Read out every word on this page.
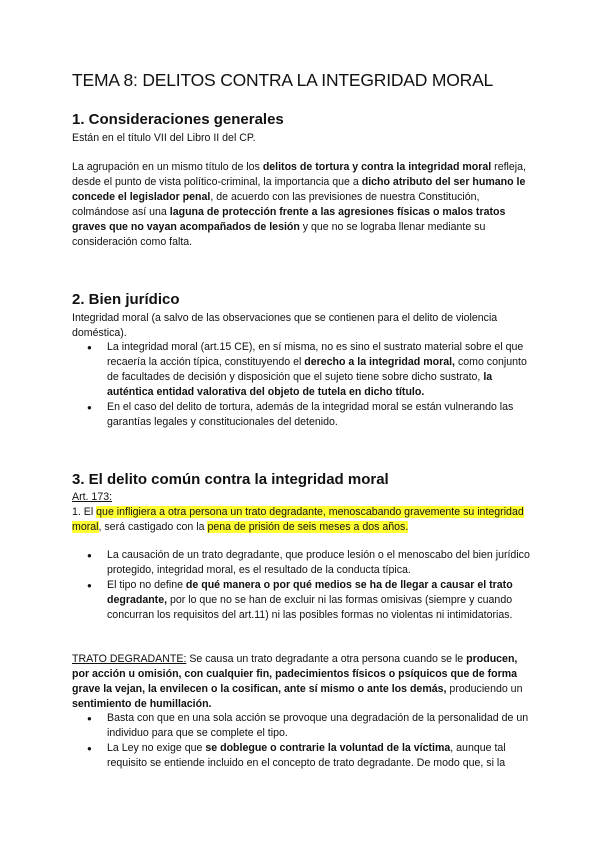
TEMA 8: DELITOS CONTRA LA INTEGRIDAD MORAL
1. Consideraciones generales
Están en el título VII del Libro II del CP.
La agrupación en un mismo título de los delitos de tortura y contra la integridad moral refleja, desde el punto de vista político-criminal, la importancia que a dicho atributo del ser humano le concede el legislador penal, de acuerdo con las previsiones de nuestra Constitución, colmándose así una laguna de protección frente a las agresiones físicas o malos tratos graves que no vayan acompañados de lesión y que no se lograba llenar mediante su consideración como falta.
2. Bien jurídico
Integridad moral (a salvo de las observaciones que se contienen para el delito de violencia doméstica).
● La integridad moral (art.15 CE), en sí misma, no es sino el sustrato material sobre el que recaería la acción típica, constituyendo el derecho a la integridad moral, como conjunto de facultades de decisión y disposición que el sujeto tiene sobre dicho sustrato, la auténtica entidad valorativa del objeto de tutela en dicho título.
● En el caso del delito de tortura, además de la integridad moral se están vulnerando las garantías legales y constitucionales del detenido.
3. El delito común contra la integridad moral
Art. 173:
1. El que infligiera a otra persona un trato degradante, menoscabando gravemente su integridad moral, será castigado con la pena de prisión de seis meses a dos años.
● La causación de un trato degradante, que produce lesión o el menoscabo del bien jurídico protegido, integridad moral, es el resultado de la conducta típica.
● El tipo no define de qué manera o por qué medios se ha de llegar a causar el trato degradante, por lo que no se han de excluir ni las formas omisivas (siempre y cuando concurran los requisitos del art.11) ni las posibles formas no violentas ni intimidatorias.
TRATO DEGRADANTE: Se causa un trato degradante a otra persona cuando se le producen, por acción u omisión, con cualquier fin, padecimientos físicos o psíquicos que de forma grave la vejan, la envilecen o la cosifican, ante sí mismo o ante los demás, produciendo un sentimiento de humillación.
● Basta con que en una sola acción se provoque una degradación de la personalidad de un individuo para que se complete el tipo.
● La Ley no exige que se doblegue o contrarie la voluntad de la víctima, aunque tal requisito se entiende incluido en el concepto de trato degradante. De modo que, si la
